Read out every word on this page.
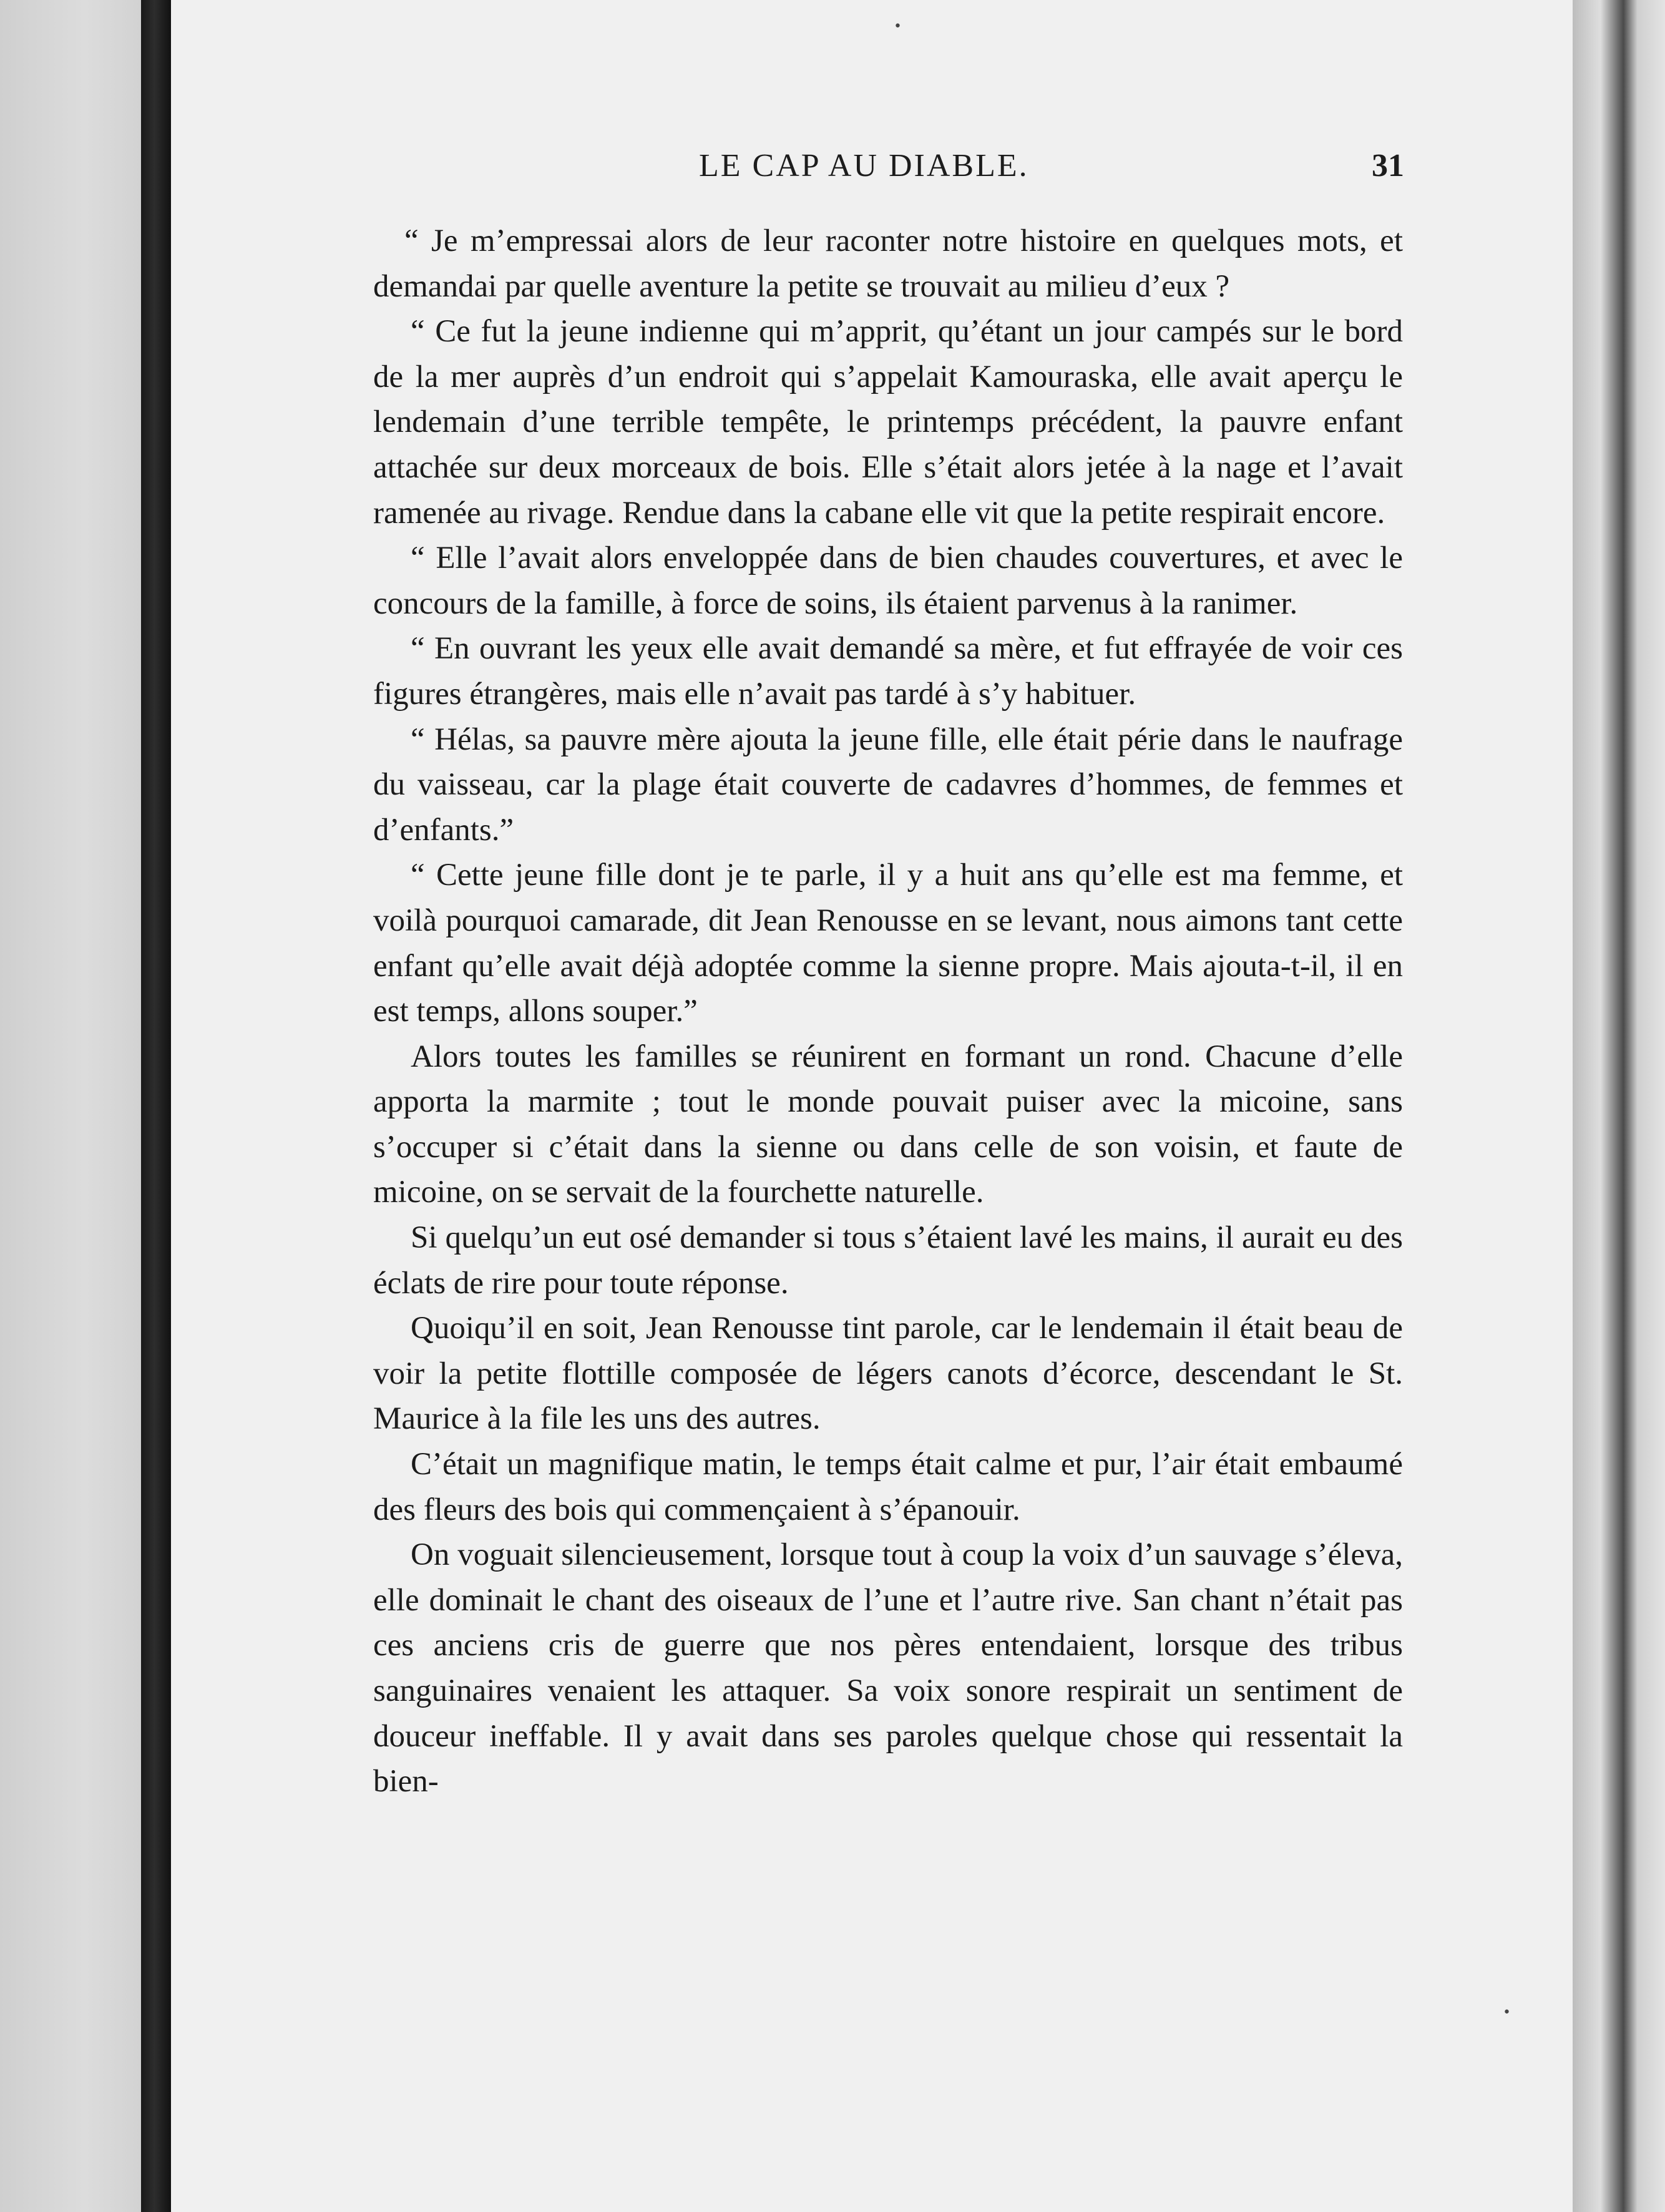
LE CAP AU DIABLE.	31

“ Je m’empressai alors de leur raconter notre histoire en quelques mots, et demandai par quelle aventure la petite se trouvait au milieu d’eux ?

“ Ce fut la jeune indienne qui m’apprit, qu’étant un jour campés sur le bord de la mer auprès d’un endroit qui s’appelait Kamouraska, elle avait aperçu le lendemain d’une terrible tempête, le printemps précédent, la pauvre enfant attachée sur deux morceaux de bois. Elle s’était alors jetée à la nage et l’avait ramenée au rivage. Rendue dans la cabane elle vit que la petite respirait encore.

“ Elle l’avait alors enveloppée dans de bien chaudes couvertures, et avec le concours de la famille, à force de soins, ils étaient parvenus à la ranimer.

“ En ouvrant les yeux elle avait demandé sa mère, et fut effrayée de voir ces figures étrangères, mais elle n’avait pas tardé à s’y habituer.

“ Hélas, sa pauvre mère ajouta la jeune fille, elle était périe dans le naufrage du vaisseau, car la plage était couverte de cadavres d’hommes, de femmes et d’enfants.”

“ Cette jeune fille dont je te parle, il y a huit ans qu’elle est ma femme, et voilà pourquoi camarade, dit Jean Renousse en se levant, nous aimons tant cette enfant qu’elle avait déjà adoptée comme la sienne propre. Mais ajouta-t-il, il en est temps, allons souper.”

Alors toutes les familles se réunirent en formant un rond. Chacune d’elle apporta la marmite ; tout le monde pouvait puiser avec la micoine, sans s’occuper si c’était dans la sienne ou dans celle de son voisin, et faute de micoine, on se servait de la fourchette naturelle.

Si quelqu’un eut osé demander si tous s’étaient lavé les mains, il aurait eu des éclats de rire pour toute réponse.

Quoiqu’il en soit, Jean Renousse tint parole, car le lendemain il était beau de voir la petite flottille composée de légers canots d’écorce, descendant le St. Maurice à la file les uns des autres.

C’était un magnifique matin, le temps était calme et pur, l’air était embaumé des fleurs des bois qui commençaient à s’épanouir.

On voguait silencieusement, lorsque tout à coup la voix d’un sauvage s’éleva, elle dominait le chant des oiseaux de l’une et l’autre rive. San chant n’était pas ces anciens cris de guerre que nos pères entendaient, lorsque des tribus sanguinaires venaient les attaquer. Sa voix sonore respirait un sentiment de douceur ineffable. Il y avait dans ses paroles quelque chose qui ressentait la bien-

•
•
